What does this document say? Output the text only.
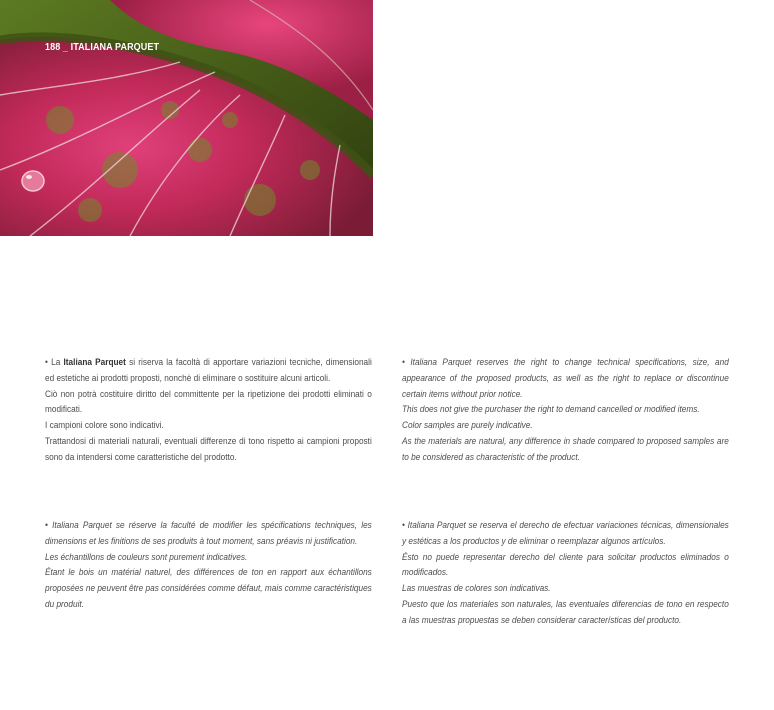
188 _ ITALIANA PARQUET

• La Italiana Parquet si riserva la facoltà di apportare variazioni tecniche, dimensionali ed estetiche ai prodotti proposti, nonchè di eliminare o sostituire alcuni articoli.

Ciò non potrà costituire diritto del committente per la ripetizione dei prodotti eliminati o modificati.

I campioni colore sono indicativi.

Trattandosi di materiali naturali, eventuali differenze di tono rispetto ai campioni proposti sono da intendersi come caratteristiche del prodotto.

• Italiana Parquet reserves the right to change technical specifications, size, and appearance of the proposed products, as well as the right to replace or discontinue certain items without prior notice.

This does not give the purchaser the right to demand cancelled or modified items.

Color samples are purely indicative.

As the materials are natural, any difference in shade compared to proposed samples are to be considered as characteristic of the product.

• Italiana Parquet se réserve la faculté de modifier les spécifications techniques, les dimensions et les finitions de ses produits à tout moment, sans préavis ni justification.

Les échantillons de couleurs sont purement indicatives.

Étant le bois un matérial naturel, des différences de ton en rapport aux échantillons proposées ne peuvent être pas considérées comme défaut, mais comme caractéristiques du produit.

• Italiana Parquet se reserva el derecho de efectuar variaciones técnicas, dimensionales y estéticas a los productos y de eliminar o reemplazar algunos artículos.

Ésto no puede representar derecho del cliente para solicitar productos eliminados o modificados.

Las muestras de colores son indicativas.

Puesto que los materiales son naturales, las eventuales diferencias de tono en respecto a las muestras propuestas se deben considerar características del producto.
